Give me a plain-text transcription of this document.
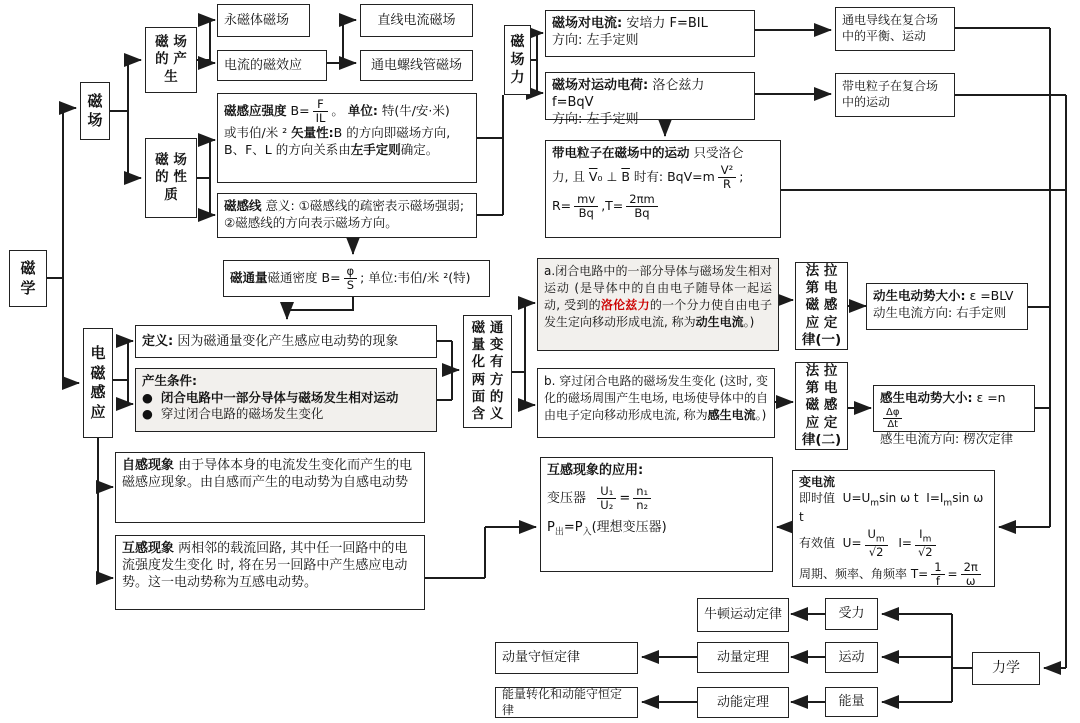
磁
学
磁
场
磁 场
的 产
生
永磁体磁场
电流的磁效应
直线电流磁场
通电螺线管磁场
磁 场
的 性
质
磁感应强度 $B= \frac{F}{IL}$ 。 单位: 特(牛/安·米)
或韦伯/米 ² 矢量性:B 的方向即磁场方向,
B、F、L 的方向关系由左手定则确定。
磁感线 意义: ①磁感线的疏密表示磁场强弱; ②磁感线的方向表示磁场方向。
磁
场
力
磁场对电流: 安培力 F=BIL
方向: 左手定则
通电导线在复合场中的平衡、运动
磁场对运动电荷: 洛仑兹力 f=BqV
方向: 左手定则
带电粒子在复合场中的运动
带电粒子在磁场中的运动 只受洛仑
力, 且 $\overline{V}_0$ ⊥ $\overline{B}$ 时有: $BqV=m \frac{\text{V²}}{R}$ ;
$R= \frac{mv}{Bq} ,T= \frac{2\pi m}{Bq}$
磁通量 磁通密度 $B= \frac{\varphi}{S}$ ; 单位:韦伯/米 ²(特)
电
磁
感
应
定义: 因为磁通量变化产生感应电动势的现象
产生条件:
● 闭合电路中一部分导体与磁场发生相对运动
● 穿过闭合电路的磁场发生变化
磁 通
量 变
化 有
两 方
面 的
含 义
a.闭合电路中的一部分导体与磁场发生相对运动 (是导体中的自由电子随导体一起运动, 受到的洛伦兹力的一个分力使自由电子发生定向移动形成电流, 称为动生电流。)
b. 穿过闭合电路的磁场发生变化 (这时, 变化的磁场周围产生电场, 电场使导体中的自由电子定向移动形成电流, 称为感生电流。)
法 拉
第 电
磁 感
应 定
律(一)
法 拉
第 电
磁 感
应 定
律(二)
动生电动势大小: ε =BLV
动生电流方向: 右手定则
感生电动势大小: ε =n
$\frac{\Delta\varphi}{\Delta t}$
感生电流方向: 楞次定律
自感现象 由于导体本身的电流发生变化而产生的电磁感应现象。由自感而产生的电动势为自感电动势
互感现象 两相邻的载流回路, 其中任一回路中的电流强度发生变化 时, 将在另一回路中产生感应电动势。这一电动势称为互感电动势。
互感现象的应用:
变压器 $\frac{\text{U₁}}{\text{U₂}} = \frac{\text{n₁}}{\text{n₂}}$
$P_出=P_入$(理想变压器)
变电流
即时值 $U=U_m\sin$ ω t $I=I_m\sin$ ω t
有效值 $U= \frac{U_m}{√2} I= \frac{I_m}{√2}$
周期、频率、角频率 $T= \frac{1}{f} = \frac{2\pi}{\omega}$
牛顿运动定律	受力
动量守恒定律	动量定理	运动
能量转化和动能守恒定律	动能定理	能量
力学
